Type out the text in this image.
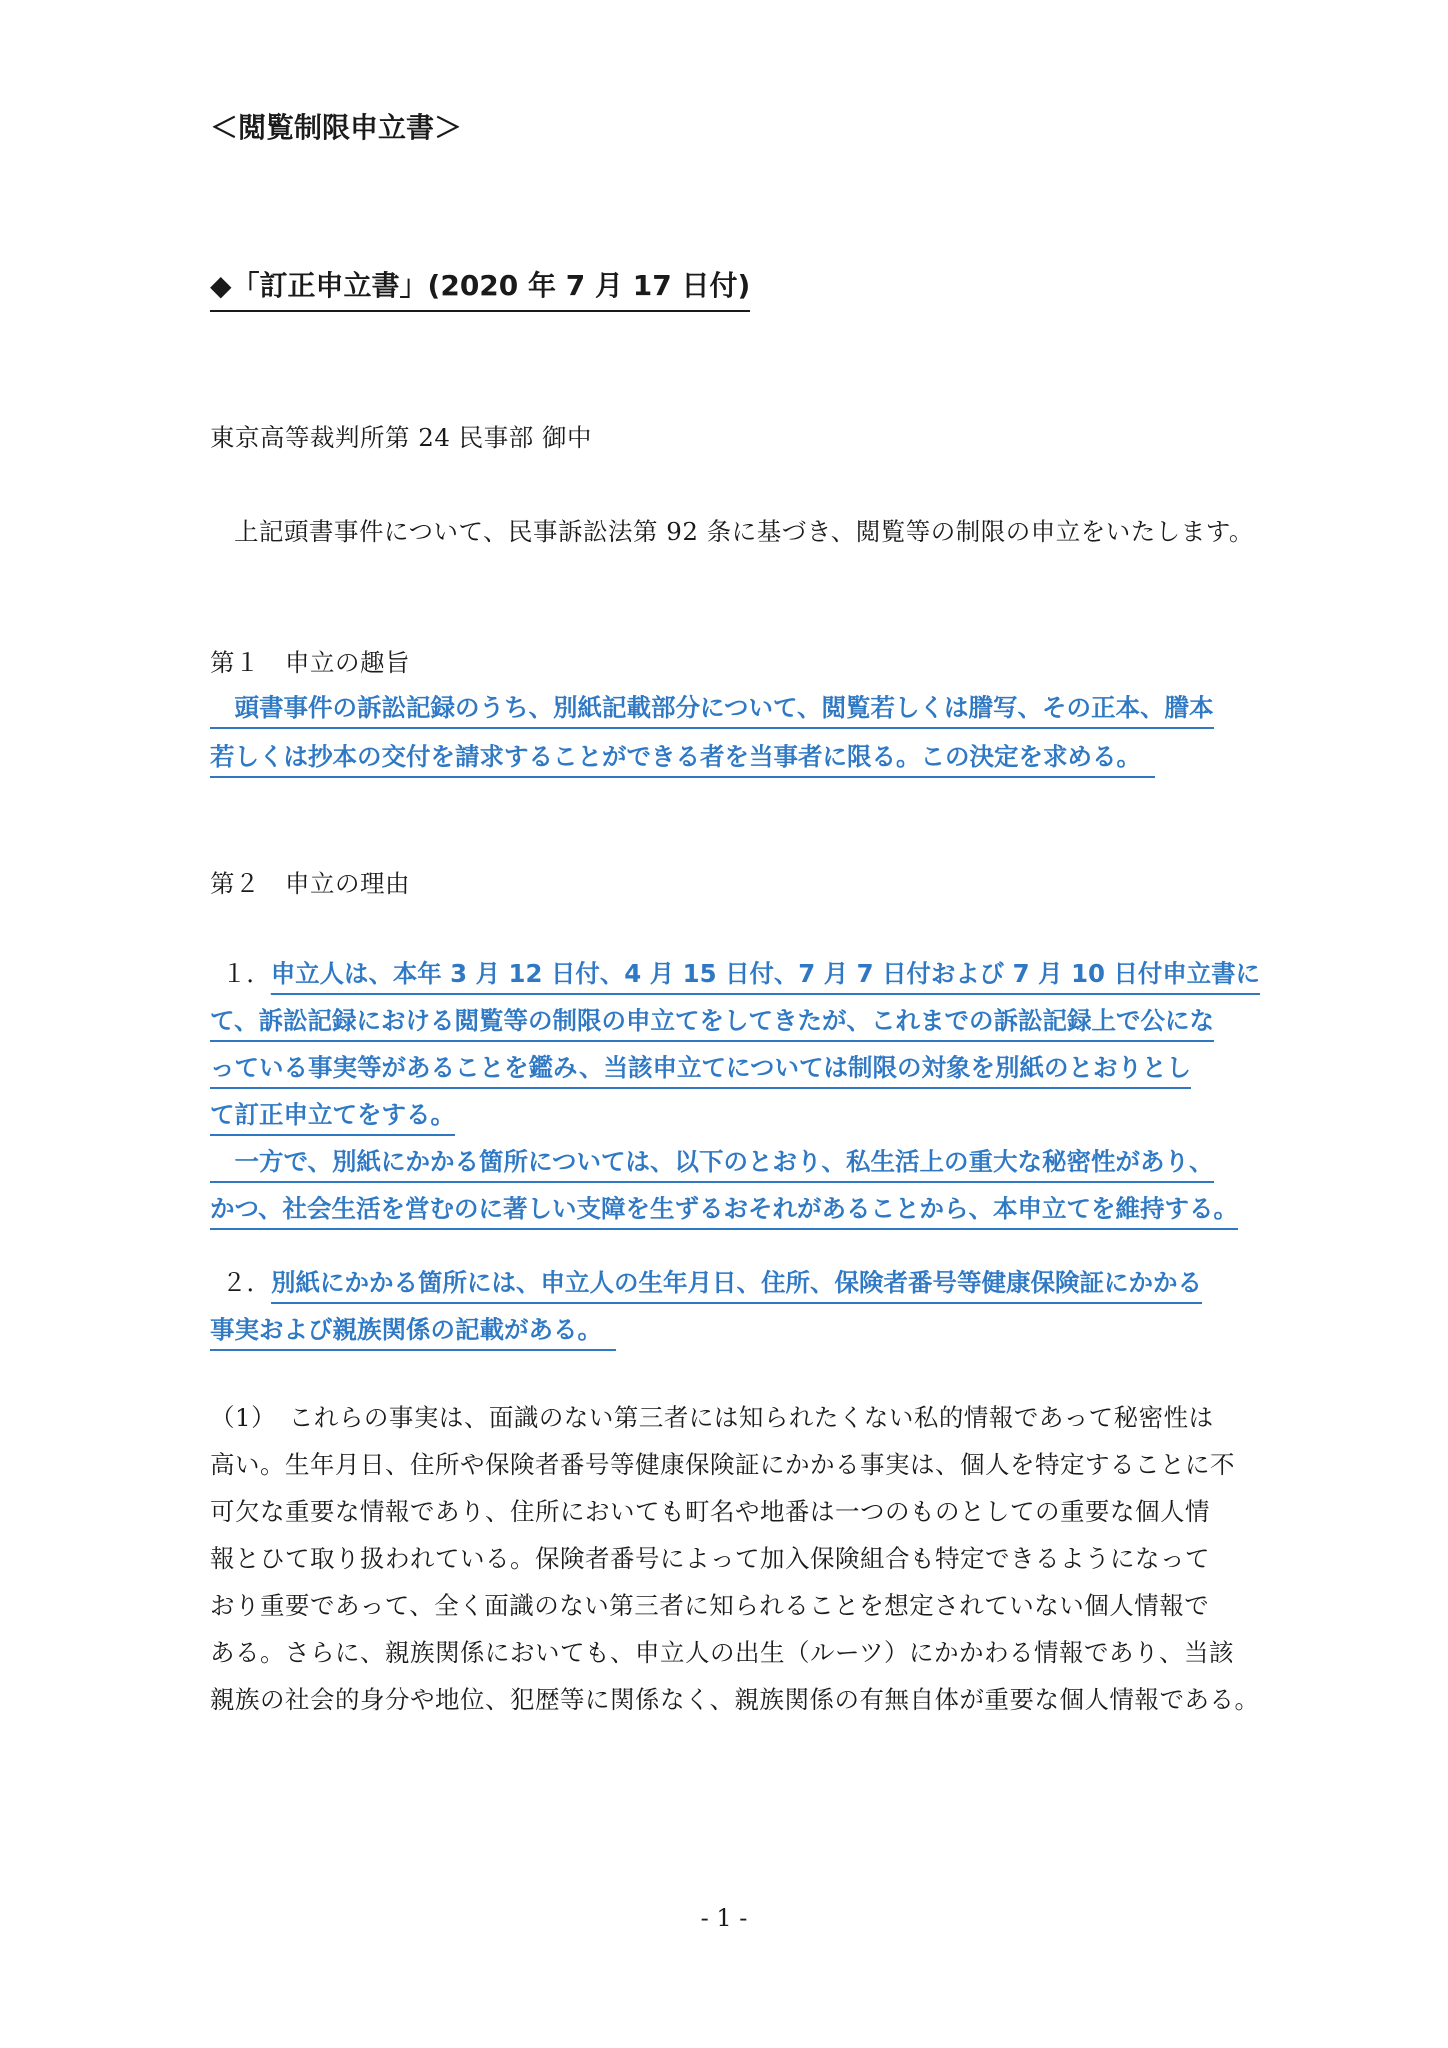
＜閲覧制限申立書＞
◆「訂正申立書」(2020 年 7 月 17 日付)
東京高等裁判所第 24 民事部 御中
上記頭書事件について、民事訴訟法第 92 条に基づき、閲覧等の制限の申立をいたします。
第１　申立の趣旨
　頭書事件の訴訟記録のうち、別紙記載部分について、閲覧若しくは謄写、その正本、謄本
若しくは抄本の交付を請求することができる者を当事者に限る。この決定を求める。
第２　申立の理由
１．申立人は、本年 3 月 12 日付、4 月 15 日付、7 月 7 日付および 7 月 10 日付申立書に
て、訴訟記録における閲覧等の制限の申立てをしてきたが、これまでの訴訟記録上で公にな
っている事実等があることを鑑み、当該申立てについては制限の対象を別紙のとおりとし
て訂正申立てをする。
　一方で、別紙にかかる箇所については、以下のとおり、私生活上の重大な秘密性があり、
かつ、社会生活を営むのに著しい支障を生ずるおそれがあることから、本申立てを維持する。
２．別紙にかかる箇所には、申立人の生年月日、住所、保険者番号等健康保険証にかかる
事実および親族関係の記載がある。
（1）　これらの事実は、面識のない第三者には知られたくない私的情報であって秘密性は
高い。生年月日、住所や保険者番号等健康保険証にかかる事実は、個人を特定することに不
可欠な重要な情報であり、住所においても町名や地番は一つのものとしての重要な個人情
報とひて取り扱われている。保険者番号によって加入保険組合も特定できるようになって
おり重要であって、全く面識のない第三者に知られることを想定されていない個人情報で
ある。さらに、親族関係においても、申立人の出生（ルーツ）にかかわる情報であり、当該
親族の社会的身分や地位、犯歴等に関係なく、親族関係の有無自体が重要な個人情報である。
- 1 -
